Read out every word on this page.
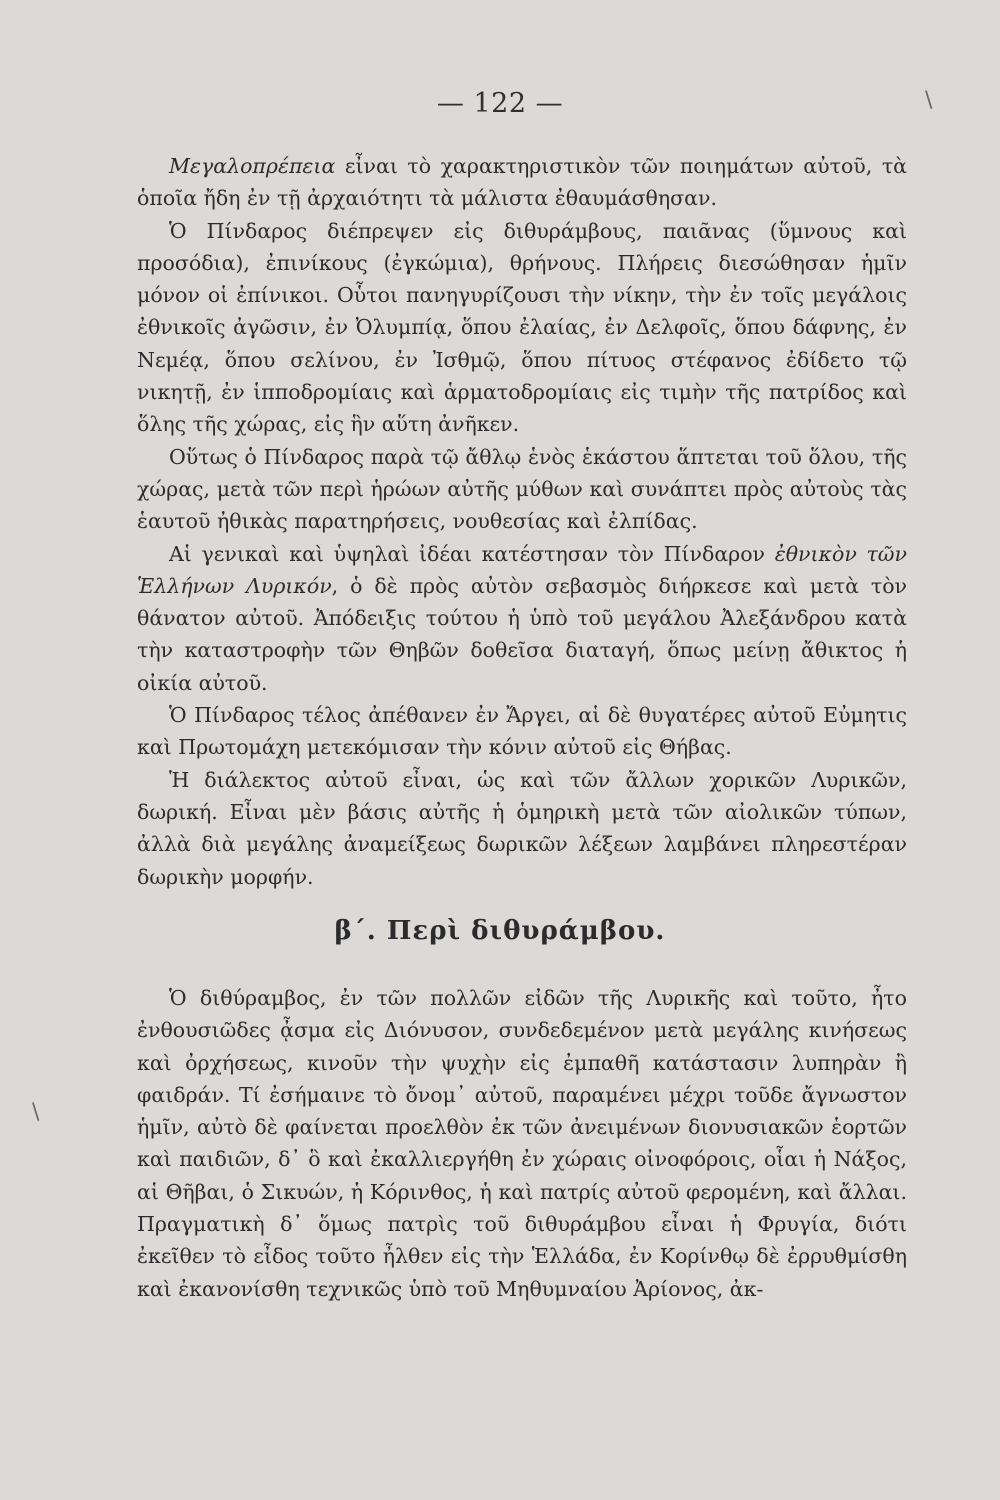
\
\
— 122 —

Μεγαλοπρέπεια εἶναι τὸ χαρακτηριστικὸν τῶν ποιημάτων αὐτοῦ, τὰ ὁποῖα ἤδη ἐν τῇ ἀρχαιότητι τὰ μάλιστα ἐθαυμάσθησαν.

Ὁ Πίνδαρος διέπρεψεν εἰς διθυράμβους, παιᾶνας (ὕμνους καὶ προσόδια), ἐπινίκους (ἐγκώμια), θρήνους. Πλήρεις διεσώθησαν ἡμῖν μόνον οἱ ἐπίνικοι. Οὗτοι πανηγυρίζουσι τὴν νίκην, τὴν ἐν τοῖς μεγάλοις ἐθνικοῖς ἀγῶσιν, ἐν Ὀλυμπίᾳ, ὅπου ἐλαίας, ἐν Δελφοῖς, ὅπου δάφνης, ἐν Νεμέᾳ, ὅπου σελίνου, ἐν Ἰσθμῷ, ὅπου πίτυος στέφανος ἐδίδετο τῷ νικητῇ, ἐν ἱπποδρομίαις καὶ ἁρματοδρομίαις εἰς τιμὴν τῆς πατρίδος καὶ ὅλης τῆς χώρας, εἰς ἣν αὕτη ἀνῆκεν.

Οὕτως ὁ Πίνδαρος παρὰ τῷ ἄθλῳ ἑνὸς ἑκάστου ἅπτεται τοῦ ὅλου, τῆς χώρας, μετὰ τῶν περὶ ἡρώων αὐτῆς μύθων καὶ συνάπτει πρὸς αὐτοὺς τὰς ἑαυτοῦ ἠθικὰς παρατηρήσεις, νουθεσίας καὶ ἐλπίδας.

Αἱ γενικαὶ καὶ ὑψηλαὶ ἰδέαι κατέστησαν τὸν Πίνδαρον ἐθνικὸν τῶν Ἑλλήνων Λυρικόν, ὁ δὲ πρὸς αὐτὸν σεβασμὸς διήρκεσε καὶ μετὰ τὸν θάνατον αὐτοῦ. Ἀπόδειξις τούτου ἡ ὑπὸ τοῦ μεγάλου Ἀλεξάνδρου κατὰ τὴν καταστροφὴν τῶν Θηβῶν δοθεῖσα διαταγή, ὅπως μείνῃ ἄθικτος ἡ οἰκία αὐτοῦ.

Ὁ Πίνδαρος τέλος ἀπέθανεν ἐν Ἄργει, αἱ δὲ θυγατέρες αὐτοῦ Εὐμητις καὶ Πρωτομάχη μετεκόμισαν τὴν κόνιν αὐτοῦ εἰς Θήβας.

Ἡ διάλεκτος αὐτοῦ εἶναι, ὡς καὶ τῶν ἄλλων χορικῶν Λυρικῶν, δωρική. Εἶναι μὲν βάσις αὐτῆς ἡ ὁμηρικὴ μετὰ τῶν αἰολικῶν τύπων, ἀλλὰ διὰ μεγάλης ἀναμείξεως δωρικῶν λέξεων λαμβάνει πληρεστέραν δωρικὴν μορφήν.

β΄. Περὶ διθυράμβου.

Ὁ διθύραμβος, ἐν τῶν πολλῶν εἰδῶν τῆς Λυρικῆς καὶ τοῦτο, ἦτο ἐνθουσιῶδες ᾆσμα εἰς Διόνυσον, συνδεδεμένον μετὰ μεγάλης κινήσεως καὶ ὀρχήσεως, κινοῦν τὴν ψυχὴν εἰς ἐμπαθῆ κατάστασιν λυπηρὰν ἢ φαιδράν. Τί ἐσήμαινε τὸ ὄνομ᾽ αὐτοῦ, παραμένει μέχρι τοῦδε ἄγνωστον ἡμῖν, αὐτὸ δὲ φαίνεται προελθὸν ἐκ τῶν ἀνειμένων διονυσιακῶν ἑορτῶν καὶ παιδιῶν, δ᾽ ὃ καὶ ἐκαλλιεργήθη ἐν χώραις οἰνοφόροις, οἷαι ἡ Νάξος, αἱ Θῆβαι, ὁ Σικυών, ἡ Κόρινθος, ἡ καὶ πατρίς αὐτοῦ φερομένη, καὶ ἄλλαι. Πραγματικὴ δ᾽ ὅμως πατρὶς τοῦ διθυράμβου εἶναι ἡ Φρυγία, διότι ἐκεῖθεν τὸ εἶδος τοῦτο ἦλθεν εἰς τὴν Ἑλλάδα, ἐν Κορίνθῳ δὲ ἐρρυθμίσθη καὶ ἐκανονίσθη τεχνικῶς ὑπὸ τοῦ Μηθυμναίου Ἀρίονος, ἀκ-
